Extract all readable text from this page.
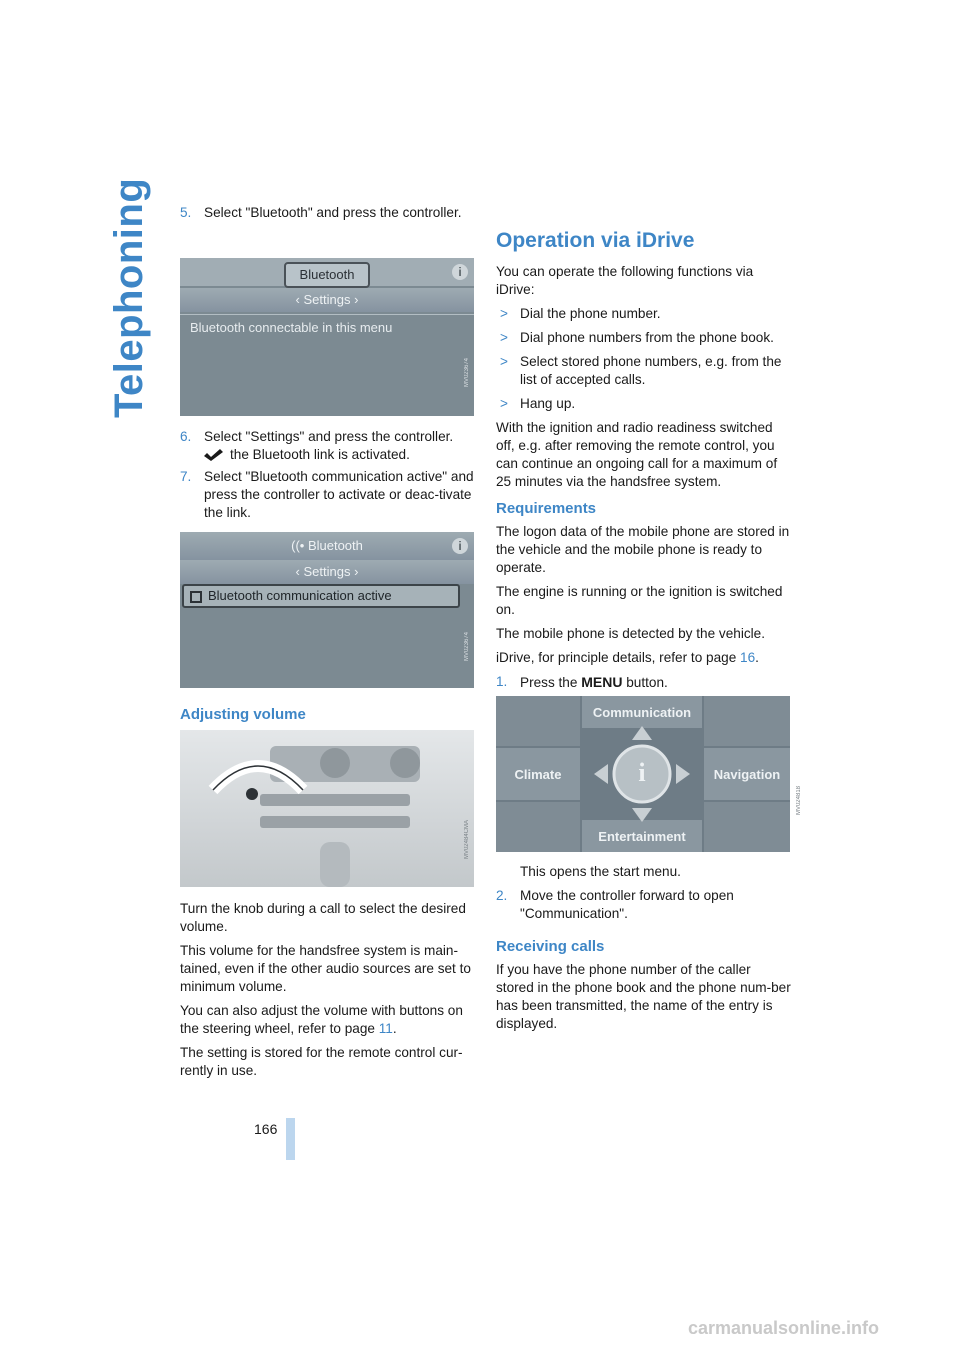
Telephoning 5. Select "Bluetooth" and press the controller.
Bluetooth	i
‹ Settings ›
Bluetooth connectable in this menu
MV023674
6. Select "Settings" and press the controller.
the Bluetooth link is activated.
7. Select "Bluetooth communication active" and press the controller to activate or deac-tivate the link.
((• Bluetooth	i
‹ Settings ›
Bluetooth communication active
MV023674
Adjusting volume
MV02484CMA

Turn the knob during a call to select the desired volume.

This volume for the handsfree system is main-tained, even if the other audio sources are set to minimum volume.

You can also adjust the volume with buttons on the steering wheel, refer to page 11.

The setting is stored for the remote control cur-rently in use.

Operation via iDrive

You can operate the following functions via iDrive:

> Dial the phone number.
> Dial phone numbers from the phone book.
> Select stored phone numbers, e.g. from the list of accepted calls.
> Hang up.

With the ignition and radio readiness switched off, e.g. after removing the remote control, you can continue an ongoing call for a maximum of 25 minutes via the handsfree system.

Requirements

The logon data of the mobile phone are stored in the vehicle and the mobile phone is ready to operate.

The engine is running or the ignition is switched on.

The mobile phone is detected by the vehicle.

iDrive, for principle details, refer to page 16.

1. Press the MENU button.
Communication
Climate	Navigation
Entertainment
i
MV024818

This opens the start menu.

2. Move the controller forward to open "Communication".
Receiving calls

If you have the phone number of the caller stored in the phone book and the phone num-ber has been transmitted, the name of the entry is displayed.

166
carmanualsonline.info
